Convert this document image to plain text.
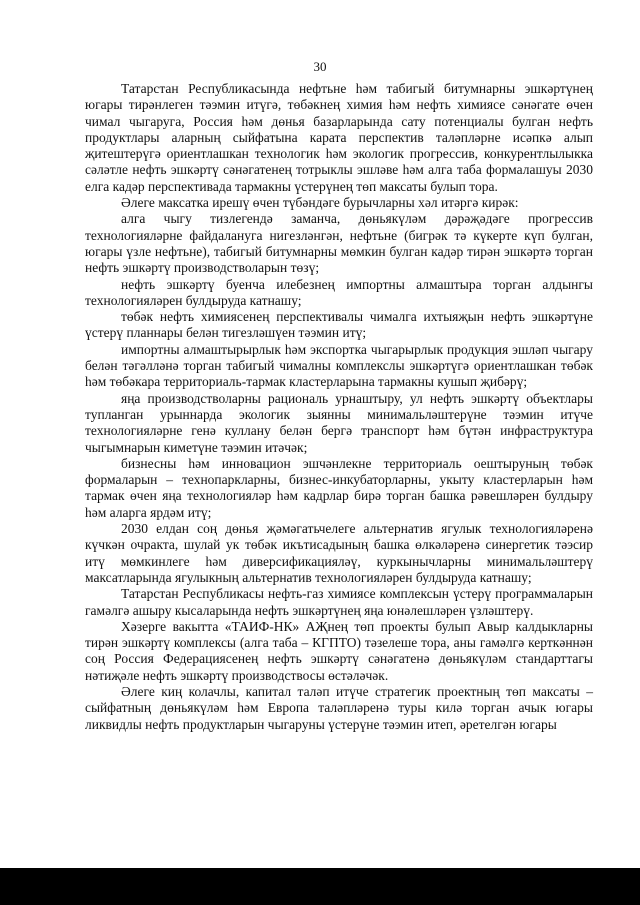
30

Татарстан Республикасында нефтьне һәм табигый битумнарны эшкәртүнең югары тирәнлеген тәэмин итүгә, төбәкнең химия һәм нефть химиясе сәнәгате өчен чимал чыгаруга, Россия һәм дөнья базарларында сату потенциалы булган нефть продуктлары аларның сыйфатына карата перспектив таләпләрне исәпкә алып җитештерүгә ориентлашкан технологик һәм экологик прогрессив, конкурентлылыкка сәләтле нефть эшкәртү сәнәгатенең тотрыклы эшләве һәм алга таба формалашуы 2030 елга кадәр перспективада тармакны үстерүнең төп максаты булып тора.

Әлеге максатка ирешү өчен түбәндәге бурычларны хәл итәргә кирәк:

алга чыгу тизлегендә заманча, дөньякүләм дәрәҗәдәге прогрессив технологияләрне файдалануга нигезләнгән, нефтьне (бигрәк тә күкерте күп булган, югары үзле нефтьне), табигый битумнарны мөмкин булган кадәр тирән эшкәртә торган нефть эшкәртү производстволарын төзү;

нефть эшкәртү буенча илебезнең импортны алмаштыра торган алдынгы технологияләрен булдыруда катнашу;

төбәк нефть химиясенең перспективалы чималга ихтыяҗын нефть эшкәртүне үстерү планнары белән тигезләшүен тәэмин итү;

импортны алмаштырырлык һәм экспортка чыгарырлык продукция эшләп чыгару белән тәгәлләнә торган табигый чималны комплекслы эшкәртүгә ориентлашкан төбәк һәм төбәкара территориаль-тармак кластерларына тармакны кушып җибәрү;

яңа производстволарны рациональ урнаштыру, ул нефть эшкәртү объектлары тупланган урыннарда экологик зыянны минимальләштерүне тәэмин итүче технологияләрне генә куллану белән бергә транспорт һәм бүтән инфраструктура чыгымнарын киметүне тәэмин итәчәк;

бизнесны һәм инновацион эшчәнлекне территориаль оештыруның төбәк формаларын – технопаркларны, бизнес-инкубаторларны, укыту кластерларын һәм тармак өчен яңа технологияләр һәм кадрлар бирә торган башка рәвешләрен булдыру һәм аларга ярдәм итү;

2030 елдан соң дөнья җәмәгатьчелеге альтернатив ягулык технологияләренә күчкән очракта, шулай ук төбәк икътисадының башка өлкәләренә синергетик тәэсир итү мөмкинлеге һәм диверсификацияләү, куркынычларны минимальләштерү максатларында ягулыкның альтернатив технологияләрен булдыруда катнашу;

Татарстан Республикасы нефть-газ химиясе комплексын үстерү программаларын гамәлгә ашыру кысаларында нефть эшкәртүнең яңа юнәлешләрен үзләштерү.

Хәзерге вакытта «ТАИФ-НК» АҖнең төп проекты булып Авыр калдыкларны тирән эшкәртү комплексы (алга таба – КГПТО) тәзелеше тора, аны гамәлгә керткәннән соң Россия Федерациясенең нефть эшкәртү сәнәгатенә дөньякүләм стандарттагы нәтиҗәле нефть эшкәртү производствосы өстәләчәк.

Әлеге киң колачлы, капитал таләп итүче стратегик проектның төп максаты – сыйфатның дөньякүләм һәм Европа таләпләренә туры килә торган ачык югары ликвидлы нефть продуктларын чыгаруны үстерүне тәэмин итеп, әретелгән югары
